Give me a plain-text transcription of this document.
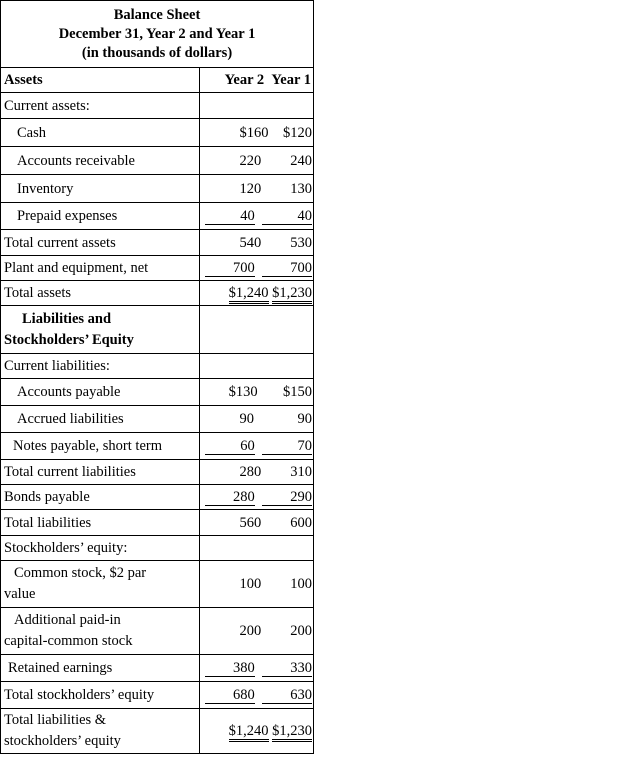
Balance Sheet
December 31, Year 2 and Year 1
(in thousands of dollars)	

Assets	Year 2 Year 1
Current assets:	
Cash	$160 $120
Accounts receivable	220 240
Inventory	120 130
Prepaid expenses	40 40
Total current assets	540 530
Plant and equipment, net	700 700
Total assets	$1,240 $1,230

Liabilities and
Stockholders’ Equity	

Current liabilities:	
Accounts payable	$130 $150
Accrued liabilities	90 90
Notes payable, short term	60 70
Total current liabilities	280 310
Bonds payable	280 290
Total liabilities	560 600
Stockholders’ equity:	

Common stock, $2 par
value	100 100

Additional paid-in
capital-common stock	200 200
Retained earnings	380 330
Total stockholders’ equity	680 630

Total liabilities &
stockholders’ equity	$1,240 $1,230
